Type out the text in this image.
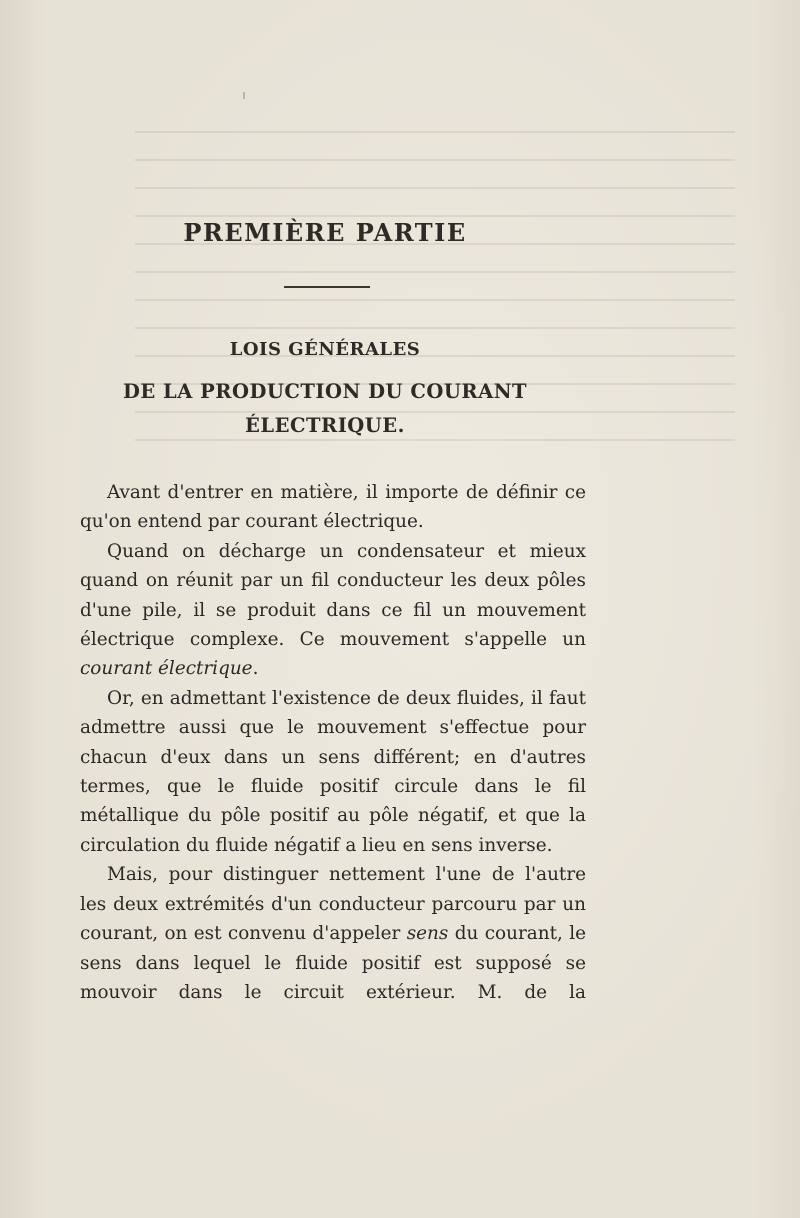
PREMIÈRE PARTIE
LOIS GÉNÉRALES
DE LA PRODUCTION DU COURANT
ÉLECTRIQUE.

Avant d'entrer en matière, il importe de définir ce qu'on entend par courant électrique.

Quand on décharge un condensateur et mieux quand on réunit par un fil conducteur les deux pôles d'une pile, il se produit dans ce fil un mouvement électrique complexe. Ce mouvement s'appelle un courant électrique.

Or, en admettant l'existence de deux fluides, il faut admettre aussi que le mouvement s'effectue pour chacun d'eux dans un sens différent; en d'autres termes, que le fluide positif circule dans le fil métallique du pôle positif au pôle négatif, et que la circulation du fluide négatif a lieu en sens inverse.

Mais, pour distinguer nettement l'une de l'autre les deux extrémités d'un conducteur parcouru par un courant, on est convenu d'appeler sens du courant, le sens dans lequel le fluide positif est supposé se mouvoir dans le circuit extérieur. M. de la
